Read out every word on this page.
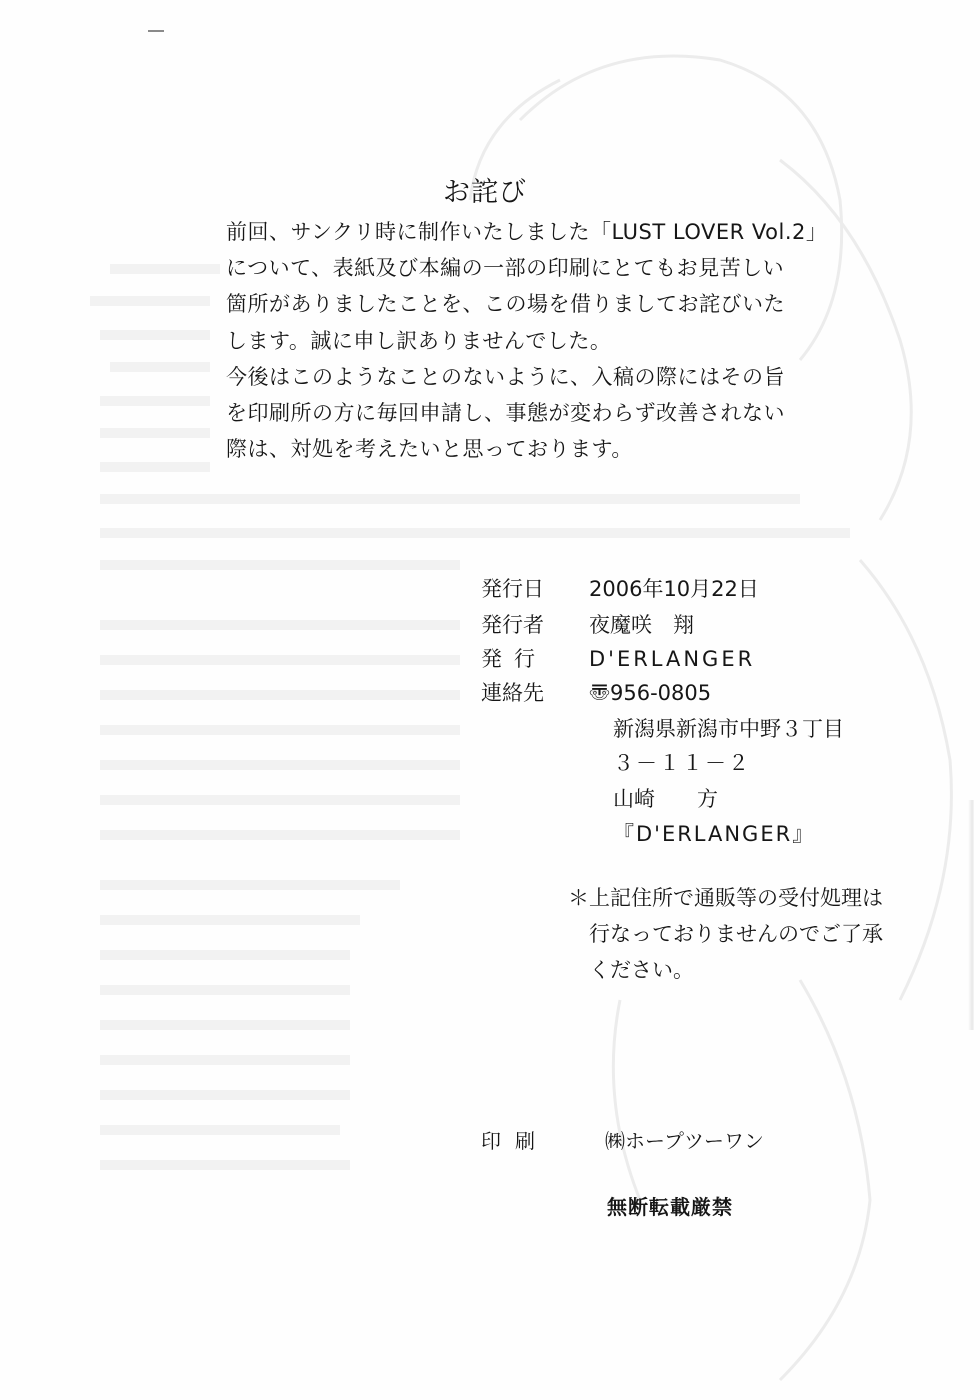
お詫び
前回、サンクリ時に制作いたしました「LUST LOVER Vol.2」
について、表紙及び本編の一部の印刷にとてもお見苦しい
箇所がありましたことを、この場を借りましてお詫びいた
します。誠に申し訳ありませんでした。
今後はこのようなことのないように、入稿の際にはその旨
を印刷所の方に毎回申請し、事態が変わらず改善されない
際は、対処を考えたいと思っております。
発行日	2006年10月22日
発行者	夜魔咲　翔
発行 D'ERLANGER
連絡先	〠956-0805
新潟県新潟市中野３丁目
３－１１－２
山崎　　方
『D'ERLANGER』
＊上記住所で通販等の受付処理は
　行なっておりませんのでご了承
　ください。
印刷	㈱ホープツーワン
無断転載厳禁
